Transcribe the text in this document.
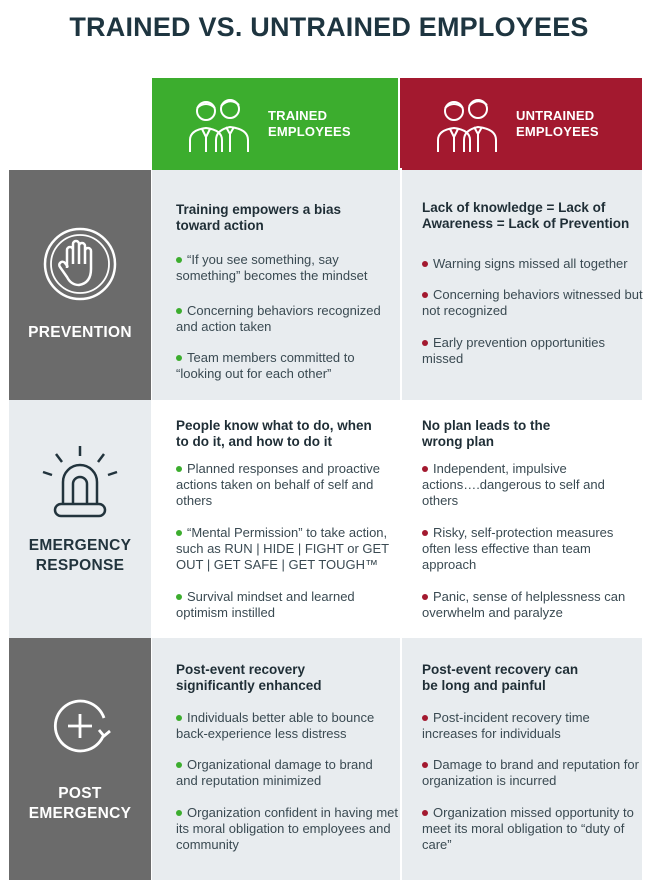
TRAINED VS. UNTRAINED EMPLOYEES
TRAINED
EMPLOYEES
UNTRAINED
EMPLOYEES
PREVENTION
Training empowers a bias toward action
“If you see something, say something” becomes the mindset
Concerning behaviors recognized and action taken
Team members committed to “looking out for each other”
Lack of knowledge = Lack of Awareness = Lack of Prevention
Warning signs missed all together
Concerning behaviors witnessed but not recognized
Early prevention opportunities missed
EMERGENCY
RESPONSE
People know what to do, when to do it, and how to do it
Planned responses and proactive actions taken on behalf of self and others
“Mental Permission” to take action, such as RUN | HIDE | FIGHT or GET OUT | GET SAFE | GET TOUGH™
Survival mindset and learned optimism instilled
No plan leads to the wrong plan
Independent, impulsive actions….dangerous to self and others
Risky, self-protection measures often less effective than team approach
Panic, sense of helplessness can overwhelm and paralyze
POST
EMERGENCY
Post-event recovery significantly enhanced
Individuals better able to bounce back-experience less distress
Organizational damage to brand and reputation minimized
Organization confident in having met its moral obligation to employees and community
Post-event recovery can be long and painful
Post-incident recovery time increases for individuals
Damage to brand and reputation for organization is incurred
Organization missed opportunity to meet its moral obligation to “duty of care”
